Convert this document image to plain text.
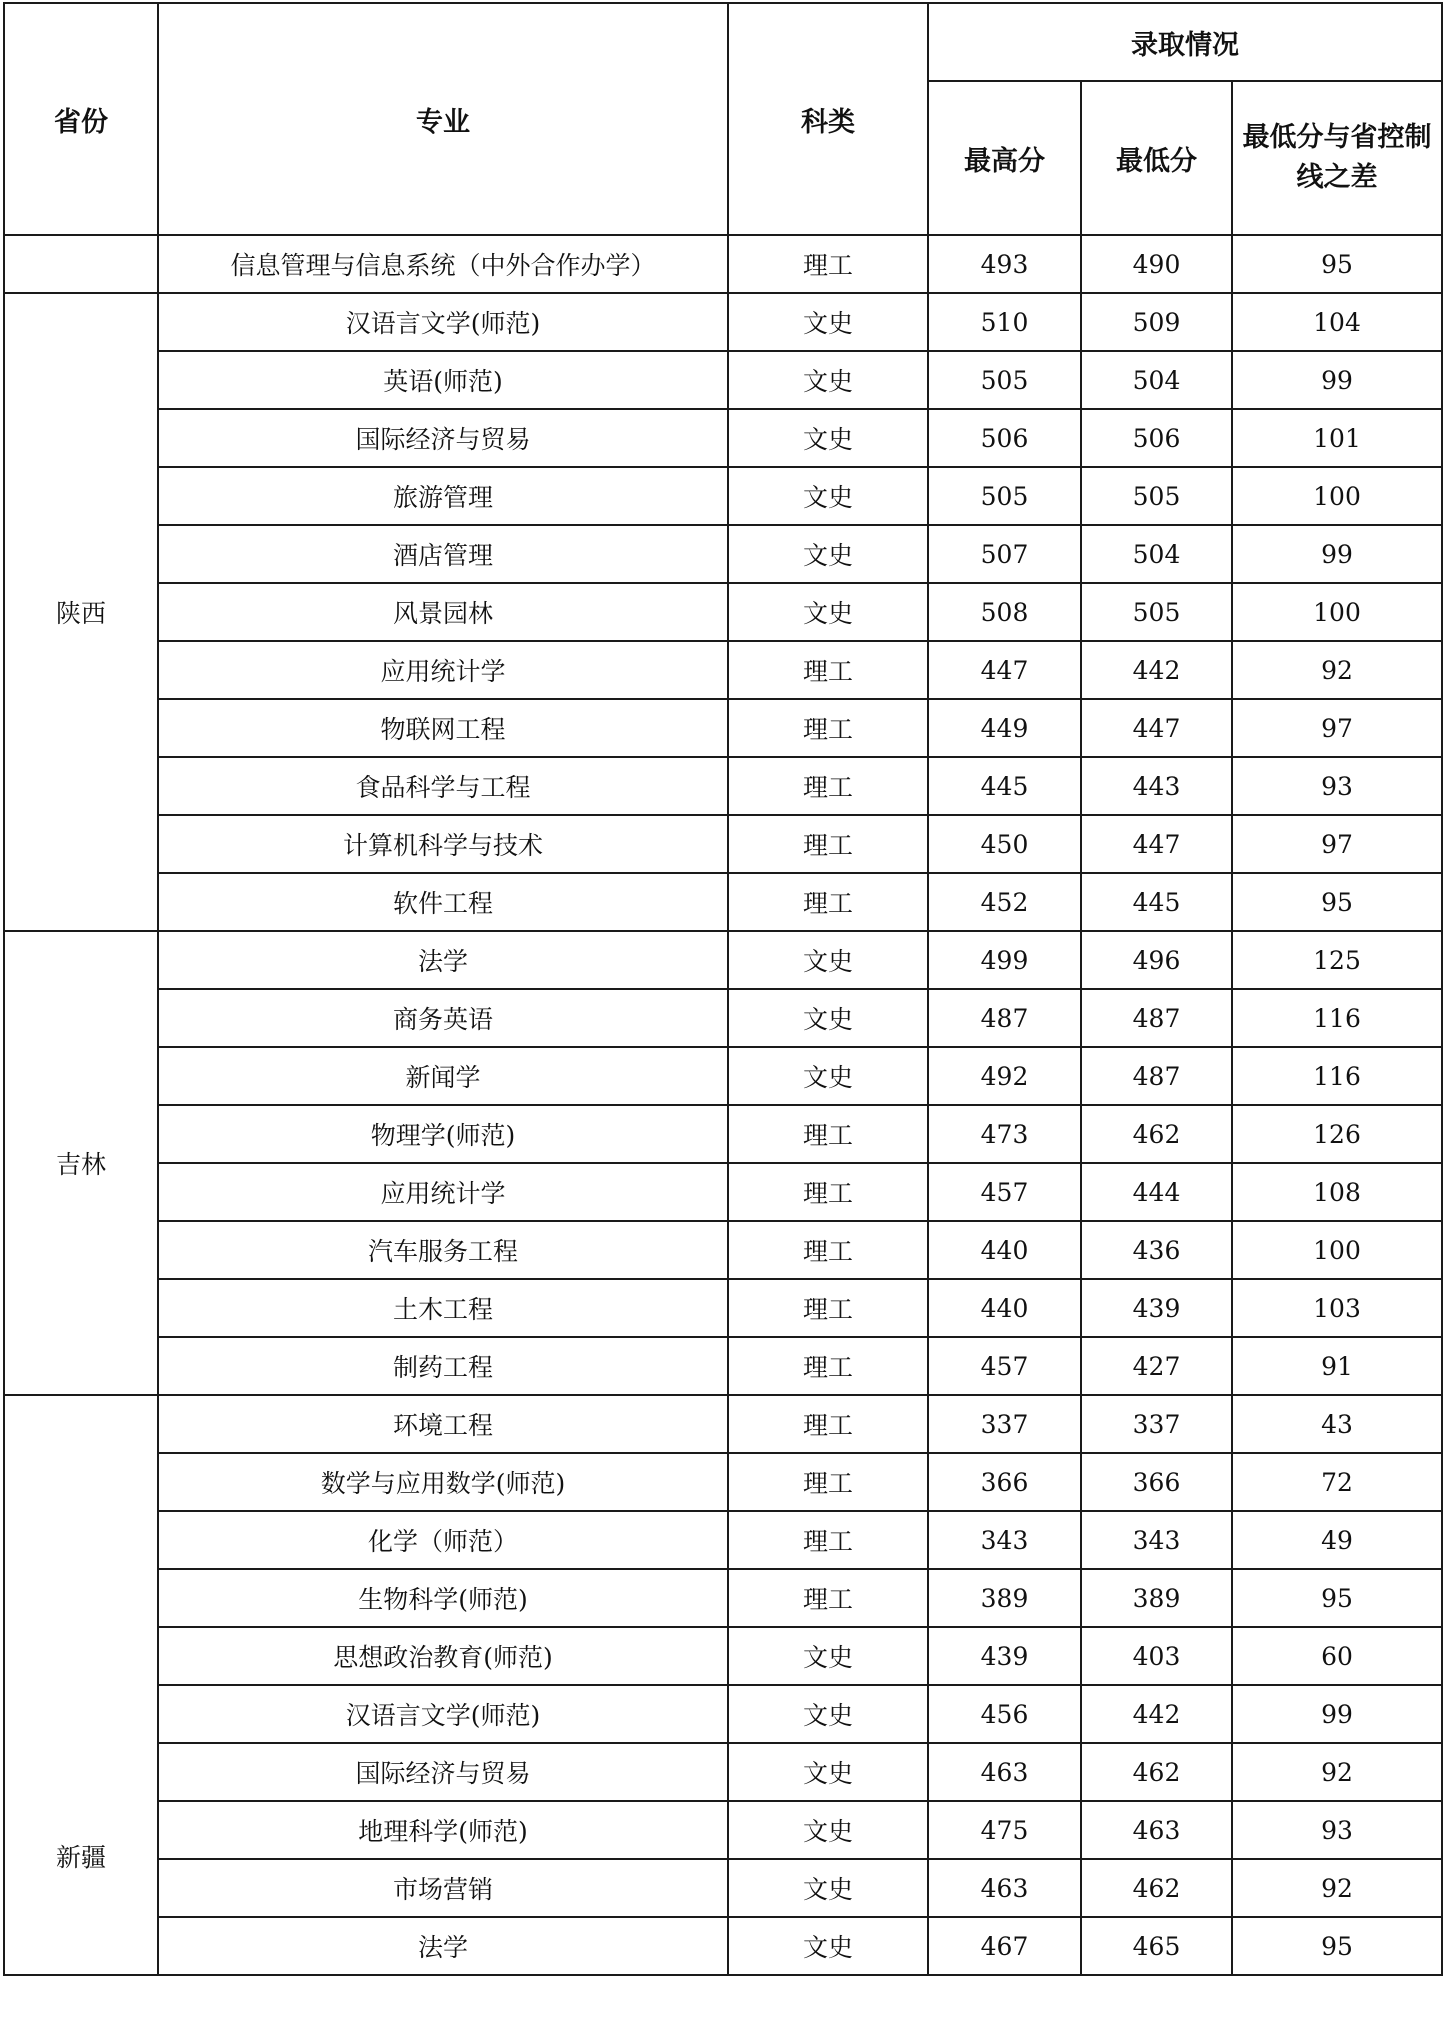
省份	专业	科类	录取情况		
			最高分	最低分	最低分与省控制线之差
	信息管理与信息系统（中外合作办学）	理工	493	490	95
陕西	汉语言文学(师范)	文史	510	509	104
	英语(师范)	文史	505	504	99
	国际经济与贸易	文史	506	506	101
	旅游管理	文史	505	505	100
	酒店管理	文史	507	504	99
	风景园林	文史	508	505	100
	应用统计学	理工	447	442	92
	物联网工程	理工	449	447	97
	食品科学与工程	理工	445	443	93
	计算机科学与技术	理工	450	447	97
	软件工程	理工	452	445	95
吉林	法学	文史	499	496	125
	商务英语	文史	487	487	116
	新闻学	文史	492	487	116
	物理学(师范)	理工	473	462	126
	应用统计学	理工	457	444	108
	汽车服务工程	理工	440	436	100
	土木工程	理工	440	439	103
	制药工程	理工	457	427	91
新疆	环境工程	理工	337	337	43
	数学与应用数学(师范)	理工	366	366	72
	化学（师范）	理工	343	343	49
	生物科学(师范)	理工	389	389	95
	思想政治教育(师范)	文史	439	403	60
	汉语言文学(师范)	文史	456	442	99
	国际经济与贸易	文史	463	462	92
	地理科学(师范)	文史	475	463	93
	市场营销	文史	463	462	92
	法学	文史	467	465	95
